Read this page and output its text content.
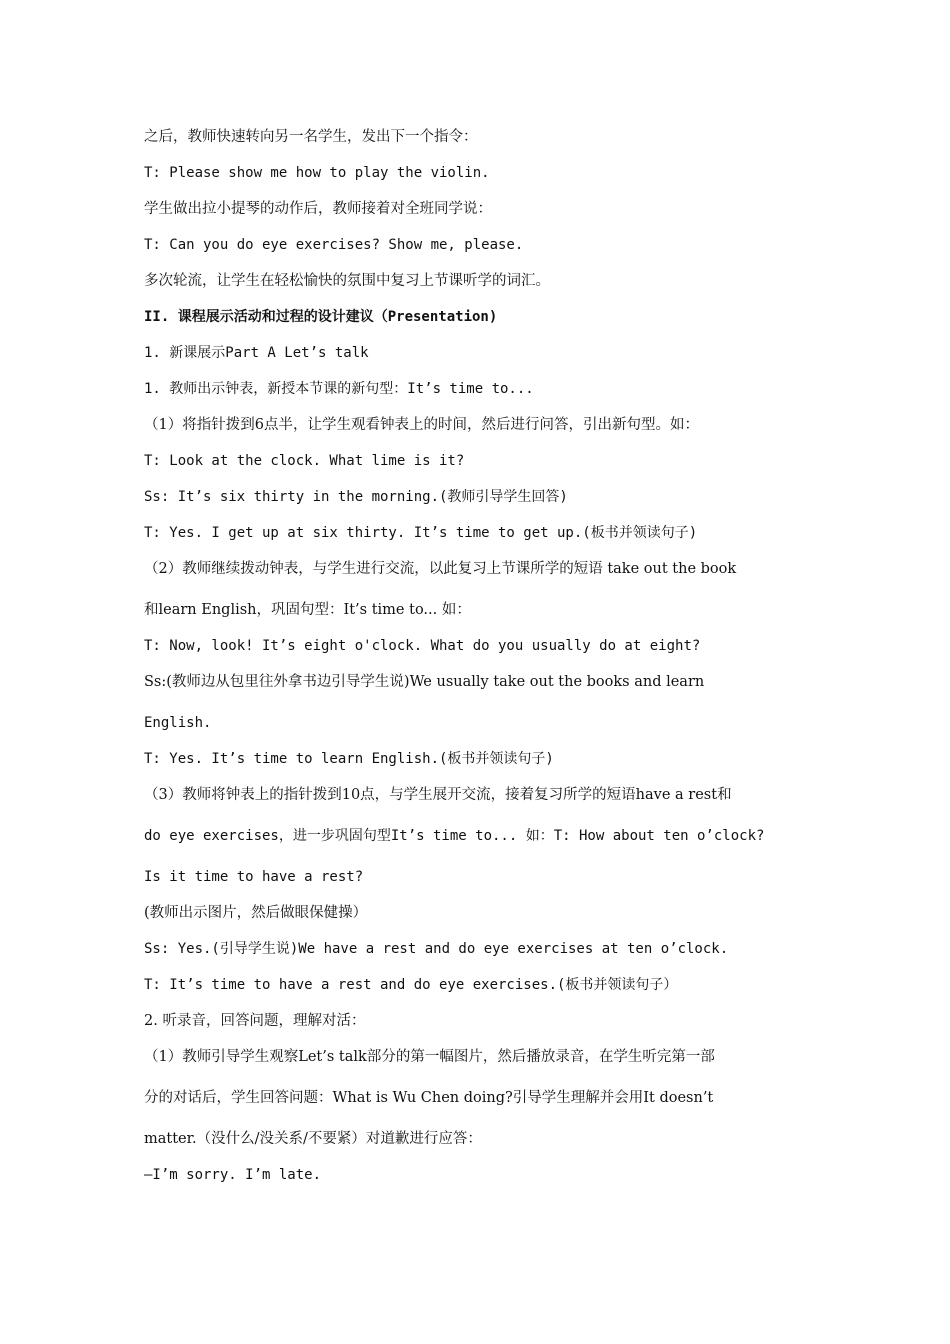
之后，教师快速转向另一名学生，发出下一个指令：
T: Please show me how to play the violin.
学生做出拉小提琴的动作后，教师接着对全班同学说：
T: Can you do eye exercises? Show me, please.
多次轮流，让学生在轻松愉快的氛围中复习上节课听学的词汇。
II. 课程展示活动和过程的设计建议（Presentation)
1. 新课展示Part A Let’s talk
1. 教师出示钟表，新授本节课的新句型：It’s time to...
（1）将指针拨到6点半，让学生观看钟表上的时间，然后进行问答，引出新句型。如：
T: Look at the clock. What lime is it?
Ss: It’s six thirty in the morning.(教师引导学生回答)
T: Yes. I get up at six thirty. It’s time to get up.(板书并领读句子)
（2）教师继续拨动钟表，与学生进行交流，以此复习上节课所学的短语 take out the book
和learn English，巩固句型：It’s time to... 如：
T: Now, look! It’s eight o'clock. What do you usually do at eight?
Ss:(教师边从包里往外拿书边引导学生说)We usually take out the books and learn
English.
T: Yes. It’s time to learn English.(板书并领读句子)
（3）教师将钟表上的指针拨到10点，与学生展开交流，接着复习所学的短语have a rest和
do eye exercises，进一步巩固句型It’s time to... 如：T: How about ten o’clock?
Is it time to have a rest?
(教师出示图片，然后做眼保健操）
Ss: Yes.(引导学生说)We have a rest and do eye exercises at ten o’clock.
T: It’s time to have a rest and do eye exercises.(板书并领读句子）
2. 听录音，回答问题，理解对活：
（1）教师引导学生观察Let’s talk部分的第一幅图片，然后播放录音，在学生听完第一部
分的对话后，学生回答问题：What is Wu Chen doing?引导学生理解并会用It doesn’t
matter.（没什么/没关系/不要紧）对道歉进行应答：
—I’m sorry. I’m late.
